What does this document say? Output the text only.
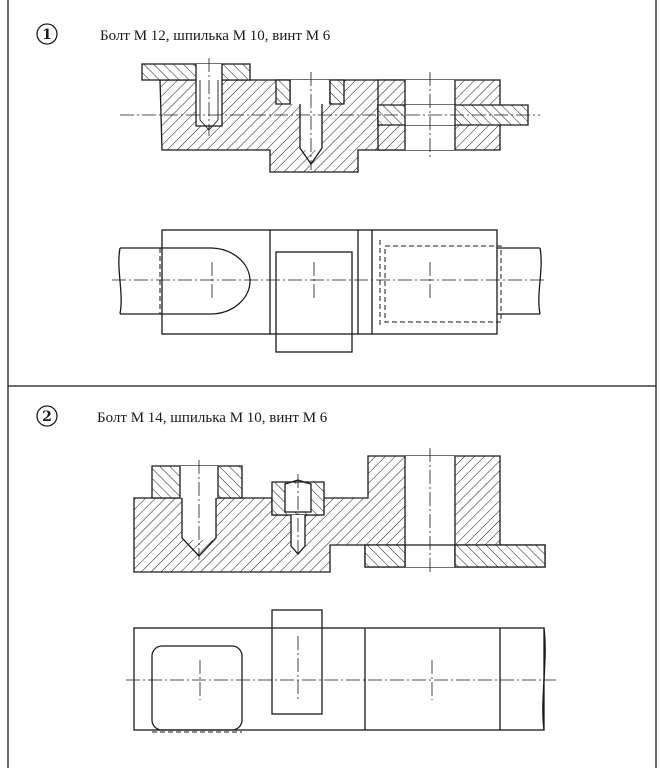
1	Болт М 12, шпилька М 10, винт М 6
2	Болт М 14, шпилька М 10, винт М 6
